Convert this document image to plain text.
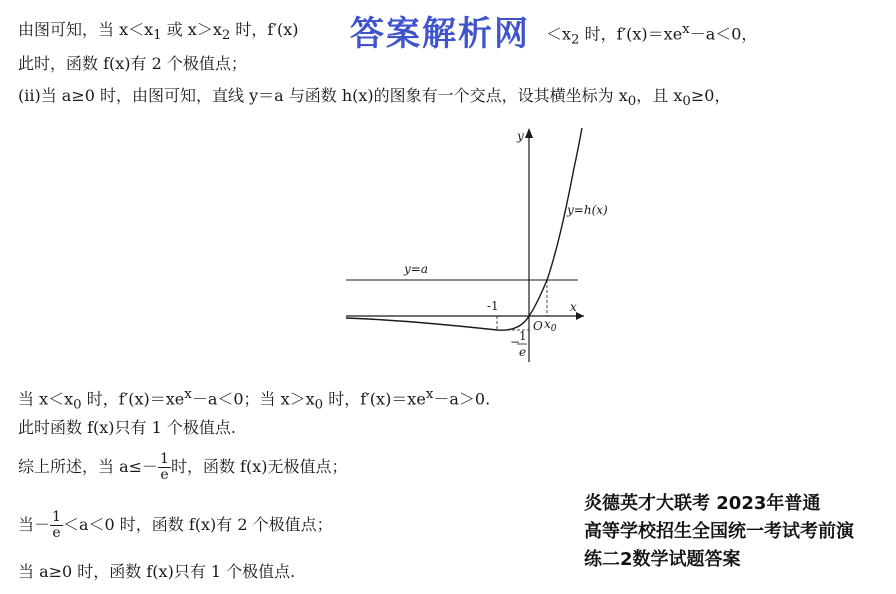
由图可知，当 $x<x_1$ 或 $x>x_2$ 时，f′(x)	$<x_2$ 时，$f'(x)=xe^x-a<0$，
答案解析网
此时，函数 f(x)有 2 个极值点；
(ⅱ)当 a≥0 时，由图可知，直线 y＝a 与函数 h(x)的图象有一个交点，设其横坐标为 $x_0$，且 $x_0\ge 0$，
y
x
y=h(x)
y=a
O $x_0$
-1
−
1
e
当 $x<x_0$ 时，$f'(x)=xe^x-a<0$；当 $x>x_0$ 时，$f'(x)=xe^x-a>0$.
此时函数 f(x)只有 1 个极值点.
综上所述，当 $a\le- \frac{1}{e}$ 时，函数 f(x)无极值点；
当－ $\frac{1}{e} <a<0$ 时，函数 f(x)有 2 个极值点；
当 a≥0 时，函数 f(x)只有 1 个极值点.
炎德英才大联考 2023年普通
高等学校招生全国统一考试考前演
练二2数学试题答案
